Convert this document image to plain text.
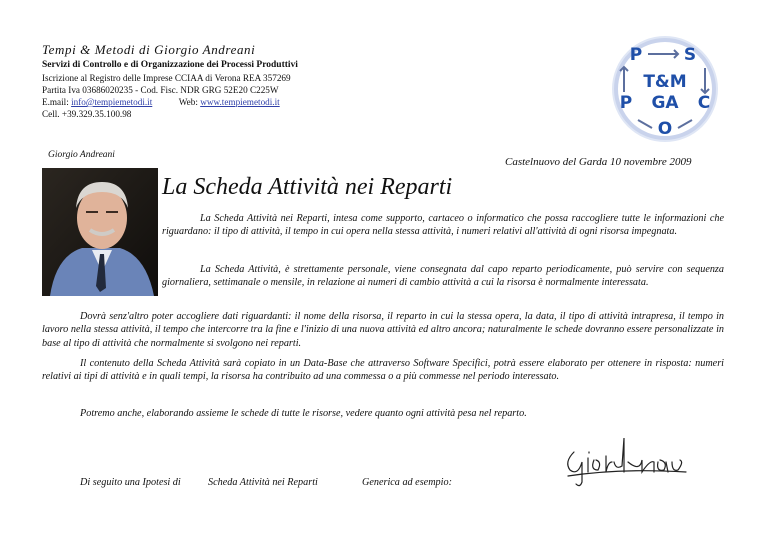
Tempi & Metodi di Giorgio Andreani
Servizi di Controllo e di Organizzazione dei Processi Produttivi
Iscrizione al Registro delle Imprese CCIAA di Verona REA 357269
Partita Iva 03686020235 - Cod. Fisc. NDR GRG 52E20 C225W
E.mail: info@tempiemetodi.it	Web: www.tempiemetodi.it
Cell. +39.329.35.100.98
P S
T&M
P GA C
O
Giorgio Andreani
Castelnuovo del Garda 10 novembre 2009
La Scheda Attività nei Reparti
La Scheda Attività nei Reparti, intesa come supporto, cartaceo o informatico che possa raccogliere tutte le informazioni che riguardano: il tipo di attività, il tempo in cui opera nella stessa attività, i numeri relativi all'attività di ogni risorsa impegnata.
La Scheda Attività, è strettamente personale, viene consegnata dal capo reparto periodicamente, può servire con sequenza giornaliera, settimanale o mensile, in relazione ai numeri di cambio attività a cui la risorsa è normalmente interessata.
Dovrà senz'altro poter accogliere dati riguardanti: il nome della risorsa, il reparto in cui la stessa opera, la data, il tipo di attività intrapresa, il tempo in lavoro nella stessa attività, il tempo che intercorre tra la fine e l'inizio di una nuova attività ed altro ancora; naturalmente le schede dovranno essere personalizzate in base al tipo di attività che normalmente si svolgono nei reparti.
Il contenuto della Scheda Attività sarà copiato in un Data-Base che attraverso Software Specifici, potrà essere elaborato per ottenere in risposta: numeri relativi ai tipi di attività e in quali tempi, la risorsa ha contribuito ad una commessa o a più commesse nel periodo interessato.
Potremo anche, elaborando assieme le schede di tutte le risorse, vedere quanto ogni attività pesa nel reparto.
Di seguito una Ipotesi di	Scheda Attività nei Reparti	Generica ad esempio:
